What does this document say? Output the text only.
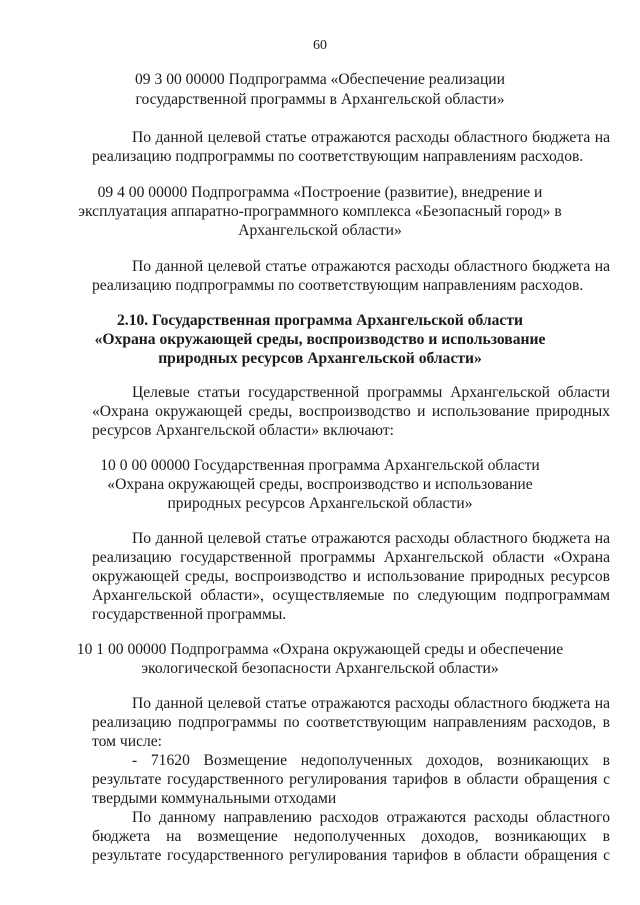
60
09 3 00 00000 Подпрограмма «Обеспечение реализации
государственной программы в Архангельской области»
По данной целевой статье отражаются расходы областного бюджета на
реализацию подпрограммы по соответствующим направлениям расходов.
09 4 00 00000 Подпрограмма «Построение (развитие), внедрение и
эксплуатация аппаратно-программного комплекса «Безопасный город» в
Архангельской области»
По данной целевой статье отражаются расходы областного бюджета на
реализацию подпрограммы по соответствующим направлениям расходов.
2.10. Государственная программа Архангельской области
«Охрана окружающей среды, воспроизводство и использование
природных ресурсов Архангельской области»
Целевые статьи государственной программы Архангельской области
«Охрана окружающей среды, воспроизводство и использование природных
ресурсов Архангельской области» включают:
10 0 00 00000 Государственная программа Архангельской области
«Охрана окружающей среды, воспроизводство и использование
природных ресурсов Архангельской области»
По данной целевой статье отражаются расходы областного бюджета на
реализацию государственной программы Архангельской области «Охрана
окружающей среды, воспроизводство и использование природных ресурсов
Архангельской области», осуществляемые по следующим подпрограммам
государственной программы.
10 1 00 00000 Подпрограмма «Охрана окружающей среды и обеспечение
экологической безопасности Архангельской области»
По данной целевой статье отражаются расходы областного бюджета на
реализацию подпрограммы по соответствующим направлениям расходов, в
том числе:
- 71620 Возмещение недополученных доходов, возникающих в
результате государственного регулирования тарифов в области обращения с
твердыми коммунальными отходами
По данному направлению расходов отражаются расходы областного
бюджета на возмещение недополученных доходов, возникающих в
результате государственного регулирования тарифов в области обращения с
